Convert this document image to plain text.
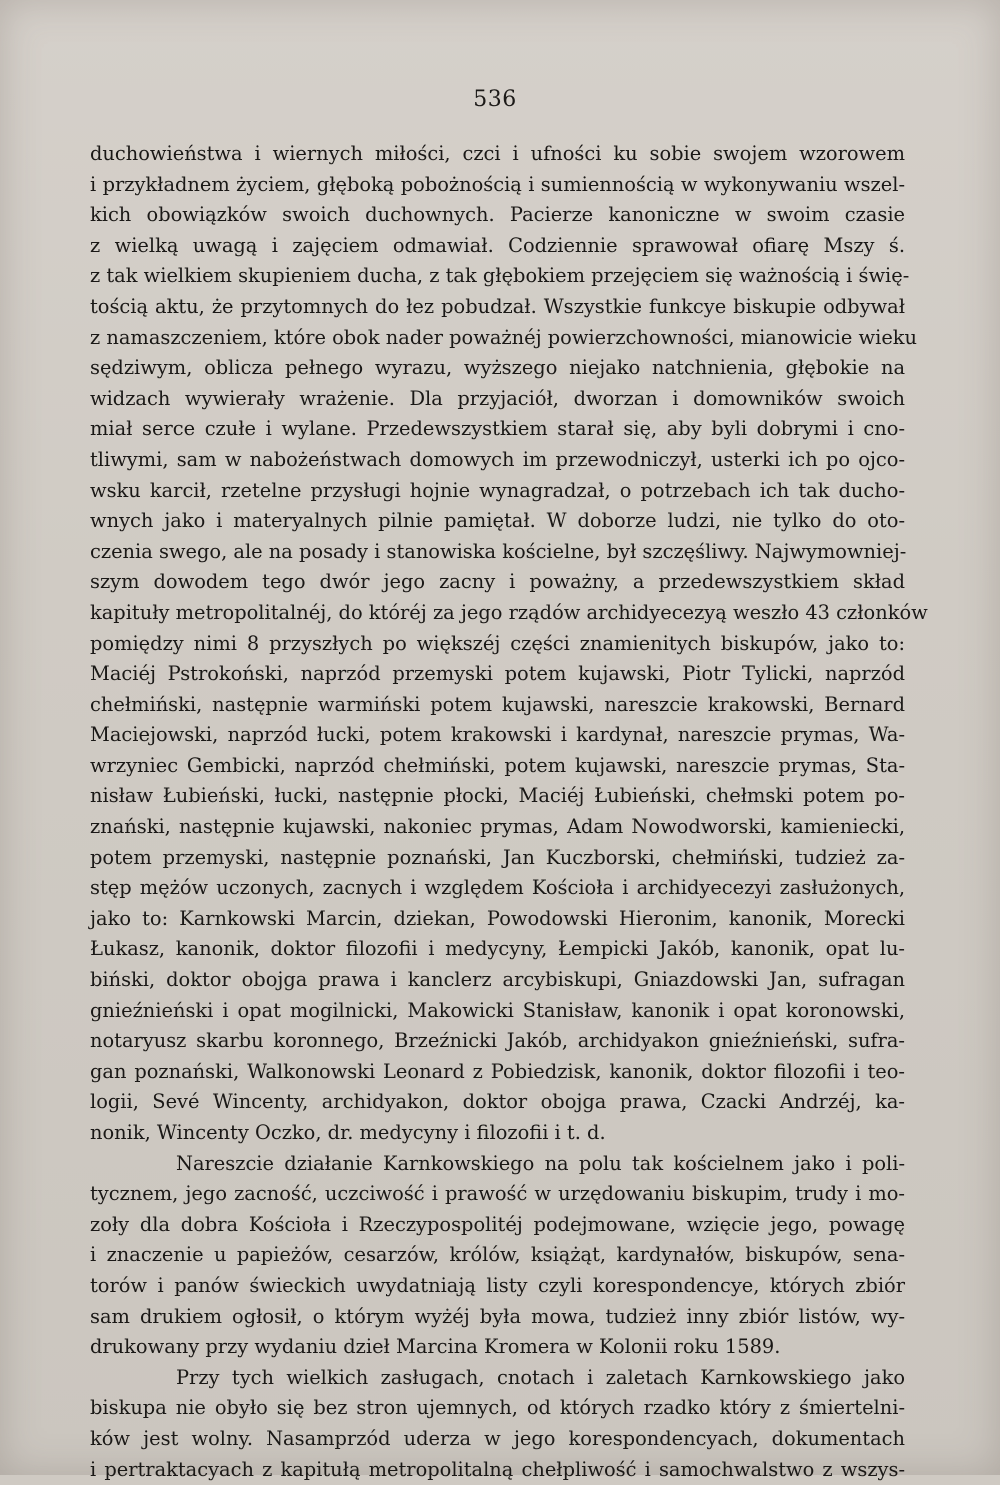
536
duchowieństwa i wiernych miłości, czci i ufności ku sobie swojem wzorowem
i przykładnem życiem, głęboką pobożnością i sumiennością w wykonywaniu wszel-
kich obowiązków swoich duchownych. Pacierze kanoniczne w swoim czasie
z wielką uwagą i zajęciem odmawiał. Codziennie sprawował ofiarę Mszy ś.
z tak wielkiem skupieniem ducha, z tak głębokiem przejęciem się ważnością i świę-
tością aktu, że przytomnych do łez pobudzał. Wszystkie funkcye biskupie odbywał
z namaszczeniem, które obok nader poważnéj powierzchowności, mianowicie wieku
sędziwym, oblicza pełnego wyrazu, wyższego niejako natchnienia, głębokie na
widzach wywierały wrażenie. Dla przyjaciół, dworzan i domowników swoich
miał serce czułe i wylane. Przedewszystkiem starał się, aby byli dobrymi i cno-
tliwymi, sam w nabożeństwach domowych im przewodniczył, usterki ich po ojco-
wsku karcił, rzetelne przysługi hojnie wynagradzał, o potrzebach ich tak ducho-
wnych jako i materyalnych pilnie pamiętał. W doborze ludzi, nie tylko do oto-
czenia swego, ale na posady i stanowiska kościelne, był szczęśliwy. Najwymowniej-
szym dowodem tego dwór jego zacny i poważny, a przedewszystkiem skład
kapituły metropolitalnéj, do któréj za jego rządów archidyecezyą weszło 43 członków
pomiędzy nimi 8 przyszłych po większéj części znamienitych biskupów, jako to:
Maciéj Pstrokoński, naprzód przemyski potem kujawski, Piotr Tylicki, naprzód
chełmiński, następnie warmiński potem kujawski, nareszcie krakowski, Bernard
Maciejowski, naprzód łucki, potem krakowski i kardynał, nareszcie prymas, Wa-
wrzyniec Gembicki, naprzód chełmiński, potem kujawski, nareszcie prymas, Sta-
nisław Łubieński, łucki, następnie płocki, Maciéj Łubieński, chełmski potem po-
znański, następnie kujawski, nakoniec prymas, Adam Nowodworski, kamieniecki,
potem przemyski, następnie poznański, Jan Kuczborski, chełmiński, tudzież za-
stęp mężów uczonych, zacnych i względem Kościoła i archidyecezyi zasłużonych,
jako to: Karnkowski Marcin, dziekan, Powodowski Hieronim, kanonik, Morecki
Łukasz, kanonik, doktor filozofii i medycyny, Łempicki Jakób, kanonik, opat lu-
biński, doktor obojga prawa i kanclerz arcybiskupi, Gniazdowski Jan, sufragan
gnieźnieński i opat mogilnicki, Makowicki Stanisław, kanonik i opat koronowski,
notaryusz skarbu koronnego, Brzeźnicki Jakób, archidyakon gnieźnieński, sufra-
gan poznański, Walkonowski Leonard z Pobiedzisk, kanonik, doktor filozofii i teo-
logii, Sevé Wincenty, archidyakon, doktor obojga prawa, Czacki Andrzéj, ka-
nonik, Wincenty Oczko, dr. medycyny i filozofii i t. d.
Nareszcie działanie Karnkowskiego na polu tak kościelnem jako i poli-
tycznem, jego zacność, uczciwość i prawość w urzędowaniu biskupim, trudy i mo-
zoły dla dobra Kościoła i Rzeczypospolitéj podejmowane, wzięcie jego, powagę
i znaczenie u papieżów, cesarzów, królów, książąt, kardynałów, biskupów, sena-
torów i panów świeckich uwydatniają listy czyli korespondencye, których zbiór
sam drukiem ogłosił, o którym wyżéj była mowa, tudzież inny zbiór listów, wy-
drukowany przy wydaniu dzieł Marcina Kromera w Kolonii roku 1589.
Przy tych wielkich zasługach, cnotach i zaletach Karnkowskiego jako
biskupa nie obyło się bez stron ujemnych, od których rzadko który z śmiertelni-
ków jest wolny. Nasamprzód uderza w jego korespondencyach, dokumentach
i pertraktacyach z kapitułą metropolitalną chełpliwość i samochwalstwo z wszys-
